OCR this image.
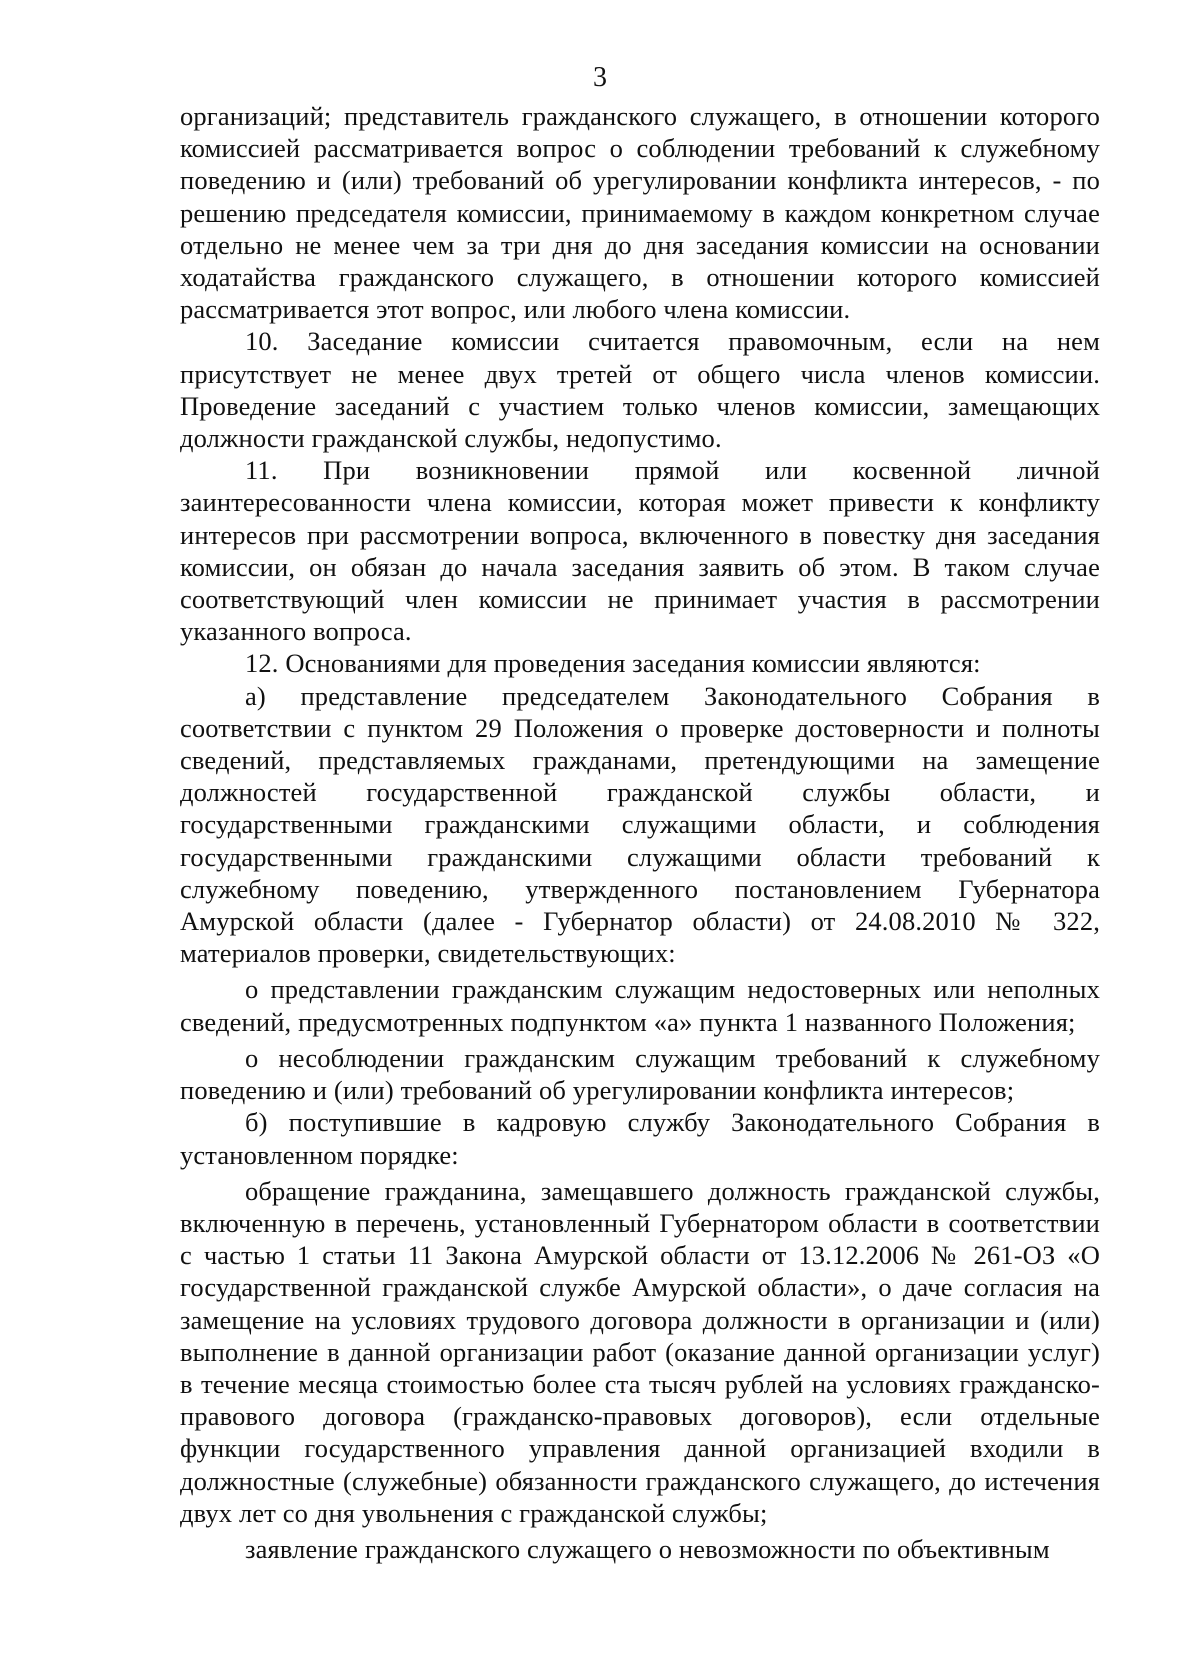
3

организаций; представитель гражданского служащего, в отношении которого комиссией рассматривается вопрос о соблюдении требований к служебному поведению и (или) требований об урегулировании конфликта интересов, - по решению председателя комиссии, принимаемому в каждом конкретном случае отдельно не менее чем за три дня до дня заседания комиссии на основании ходатайства гражданского служащего, в отношении которого комиссией рассматривается этот вопрос, или любого члена комиссии.

10. Заседание комиссии считается правомочным, если на нем присутствует не менее двух третей от общего числа членов комиссии. Проведение заседаний с участием только членов комиссии, замещающих должности гражданской службы, недопустимо.

11. При возникновении прямой или косвенной личной заинтересованности члена комиссии, которая может привести к конфликту интересов при рассмотрении вопроса, включенного в повестку дня заседания комиссии, он обязан до начала заседания заявить об этом. В таком случае соответствующий член комиссии не принимает участия в рассмотрении указанного вопроса.

12. Основаниями для проведения заседания комиссии являются:

а) представление председателем Законодательного Собрания в соответствии с пунктом 29 Положения о проверке достоверности и полноты сведений, представляемых гражданами, претендующими на замещение должностей государственной гражданской службы области, и государственными гражданскими служащими области, и соблюдения государственными гражданскими служащими области требований к служебному поведению, утвержденного постановлением Губернатора Амурской области (далее - Губернатор области) от 24.08.2010 № 322, материалов проверки, свидетельствующих:

о представлении гражданским служащим недостоверных или неполных сведений, предусмотренных подпунктом «а» пункта 1 названного Положения;

о несоблюдении гражданским служащим требований к служебному поведению и (или) требований об урегулировании конфликта интересов;

б) поступившие в кадровую службу Законодательного Собрания в установленном порядке:

обращение гражданина, замещавшего должность гражданской службы, включенную в перечень, установленный Губернатором области в соответствии с частью 1 статьи 11 Закона Амурской области от 13.12.2006 № 261-ОЗ «О государственной гражданской службе Амурской области», о даче согласия на замещение на условиях трудового договора должности в организации и (или) выполнение в данной организации работ (оказание данной организации услуг) в течение месяца стоимостью более ста тысяч рублей на условиях гражданско-правового договора (гражданско-правовых договоров), если отдельные функции государственного управления данной организацией входили в должностные (служебные) обязанности гражданского служащего, до истечения двух лет со дня увольнения с гражданской службы;

заявление гражданского служащего о невозможности по объективным
